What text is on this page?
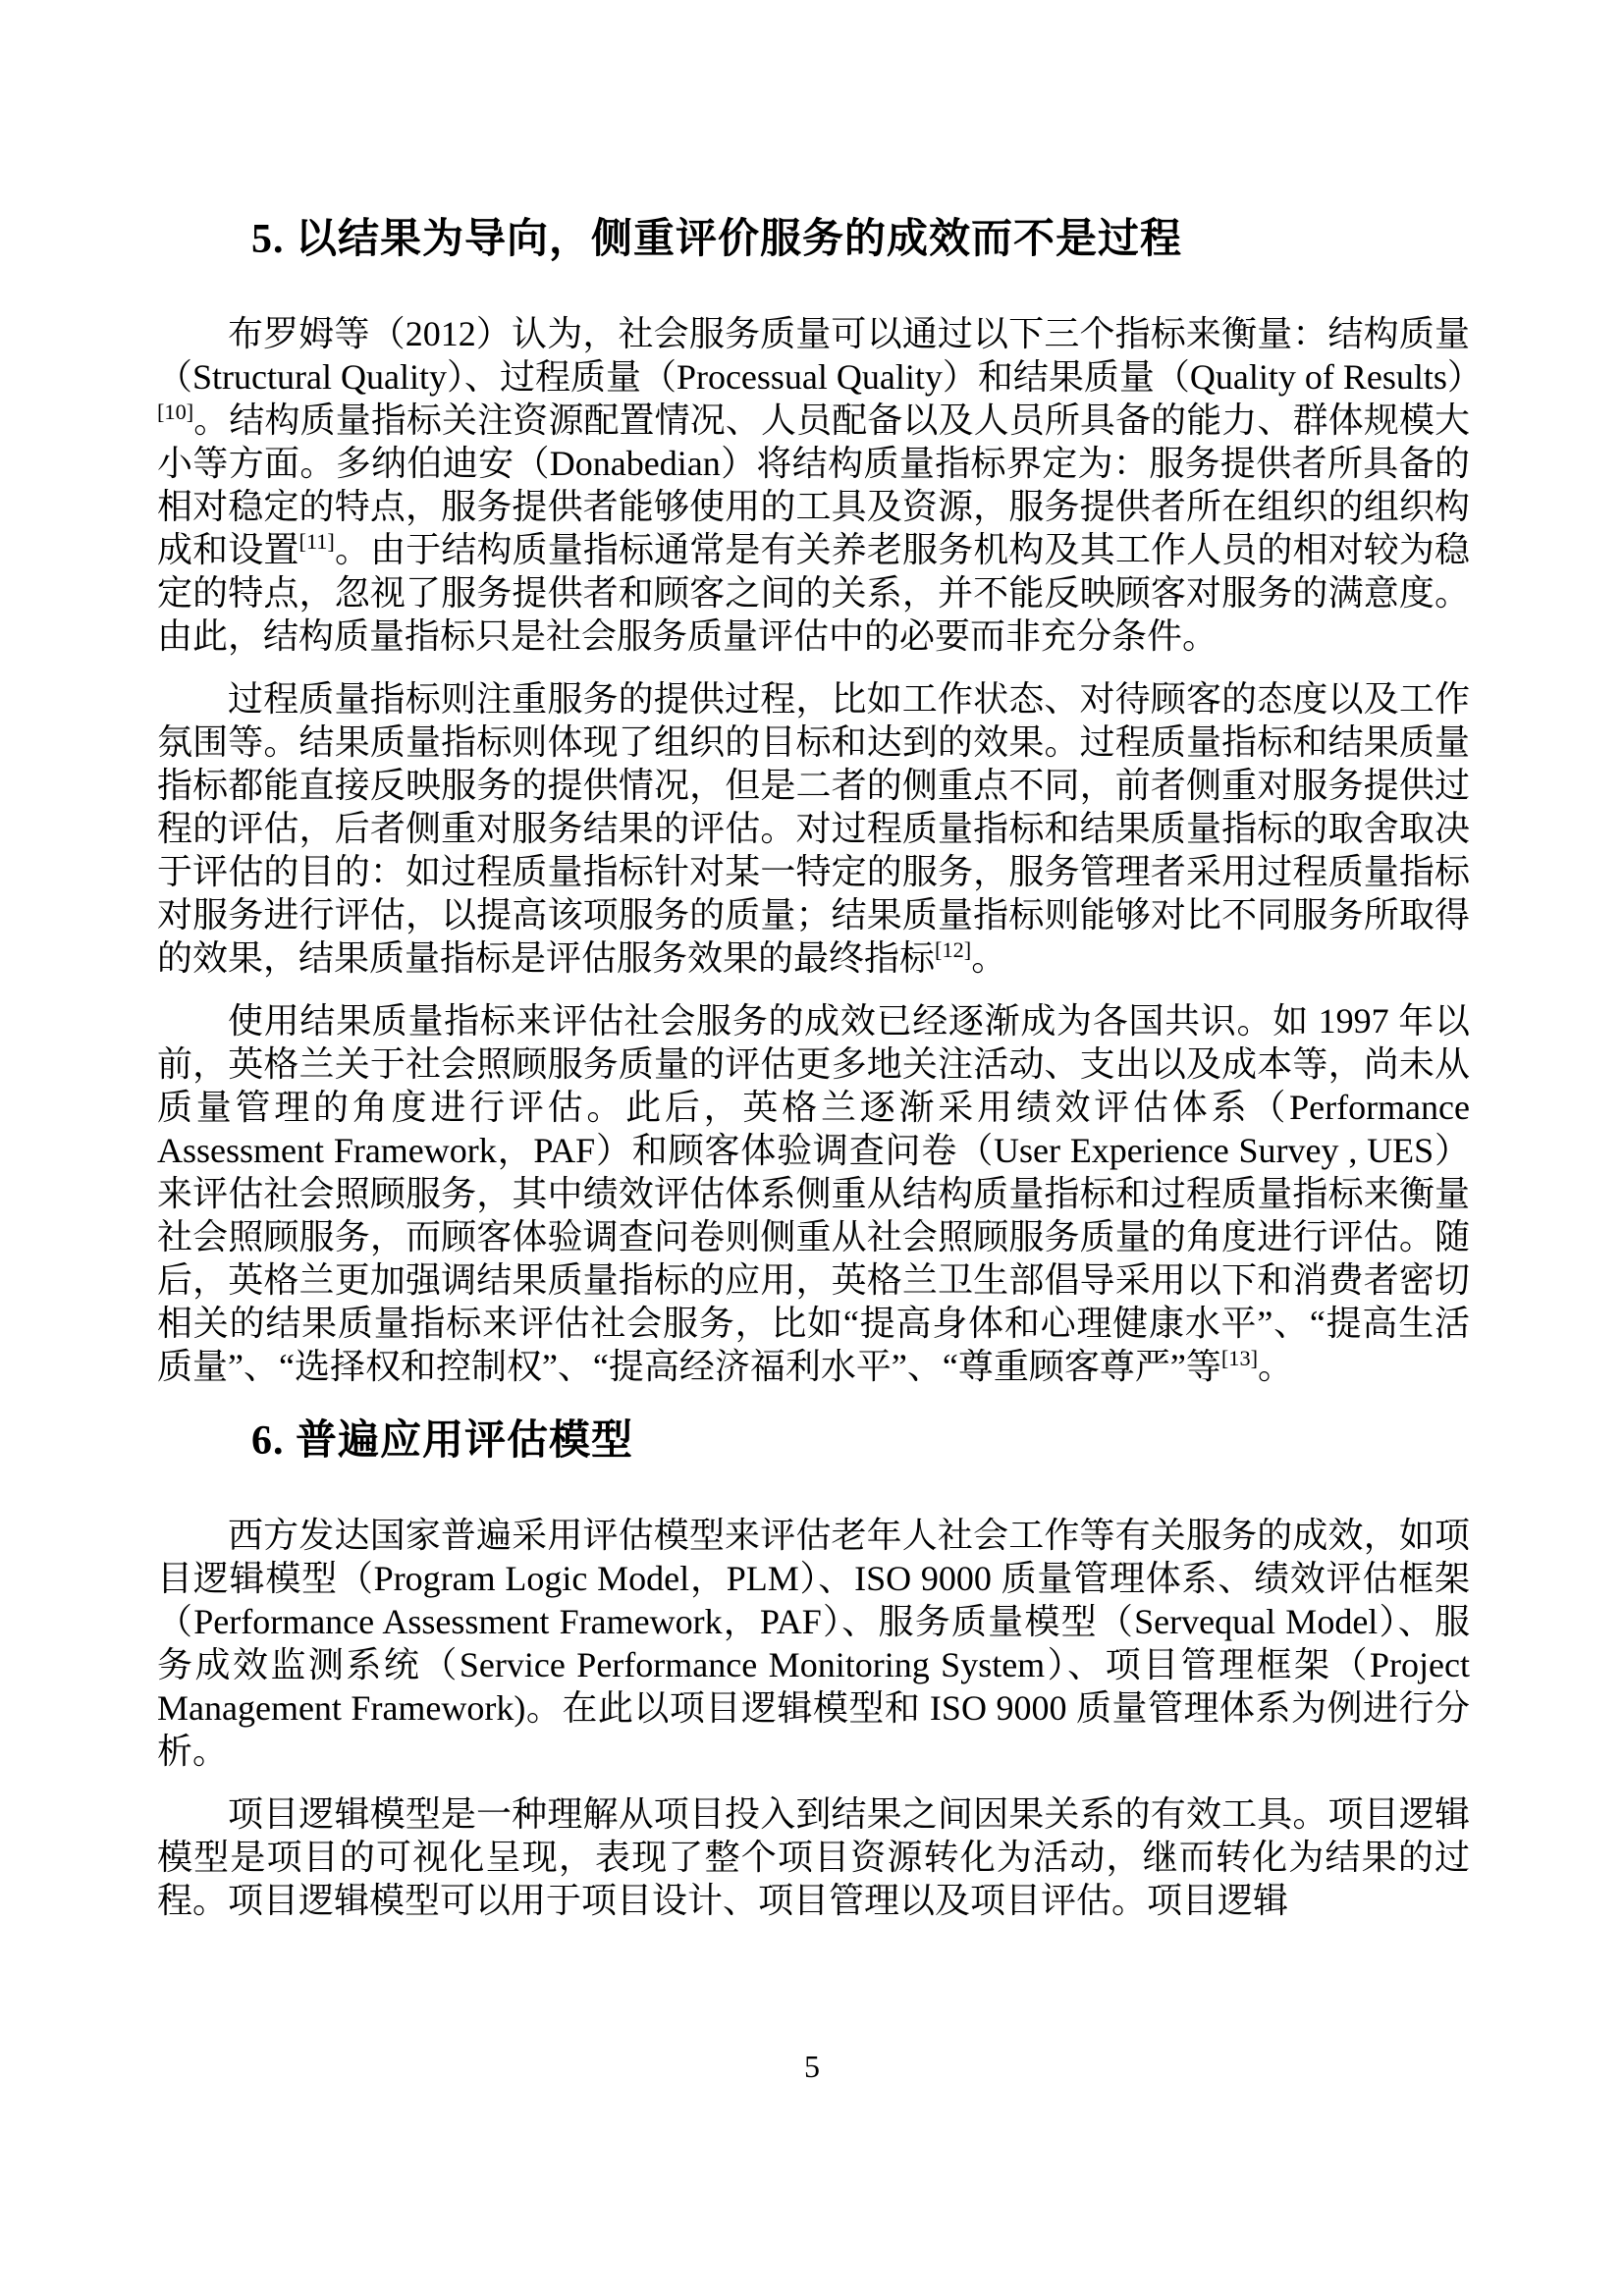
5. 以结果为导向，侧重评价服务的成效而不是过程

布罗姆等（2012）认为，社会服务质量可以通过以下三个指标来衡量：结构质量（Structural Quality）、过程质量（Processual Quality）和结果质量（Quality of Results）[10]。结构质量指标关注资源配置情况、人员配备以及人员所具备的能力、群体规模大小等方面。多纳伯迪安（Donabedian）将结构质量指标界定为：服务提供者所具备的相对稳定的特点，服务提供者能够使用的工具及资源，服务提供者所在组织的组织构成和设置[11]。由于结构质量指标通常是有关养老服务机构及其工作人员的相对较为稳定的特点，忽视了服务提供者和顾客之间的关系，并不能反映顾客对服务的满意度。由此，结构质量指标只是社会服务质量评估中的必要而非充分条件。

过程质量指标则注重服务的提供过程，比如工作状态、对待顾客的态度以及工作氛围等。结果质量指标则体现了组织的目标和达到的效果。过程质量指标和结果质量指标都能直接反映服务的提供情况，但是二者的侧重点不同，前者侧重对服务提供过程的评估，后者侧重对服务结果的评估。对过程质量指标和结果质量指标的取舍取决于评估的目的：如过程质量指标针对某一特定的服务，服务管理者采用过程质量指标对服务进行评估，以提高该项服务的质量；结果质量指标则能够对比不同服务所取得的效果，结果质量指标是评估服务效果的最终指标[12]。

使用结果质量指标来评估社会服务的成效已经逐渐成为各国共识。如 1997 年以前，英格兰关于社会照顾服务质量的评估更多地关注活动、支出以及成本等，尚未从质量管理的角度进行评估。此后，英格兰逐渐采用绩效评估体系（Performance Assessment Framework，PAF）和顾客体验调查问卷（User Experience Survey , UES）来评估社会照顾服务，其中绩效评估体系侧重从结构质量指标和过程质量指标来衡量社会照顾服务，而顾客体验调查问卷则侧重从社会照顾服务质量的角度进行评估。随后，英格兰更加强调结果质量指标的应用，英格兰卫生部倡导采用以下和消费者密切相关的结果质量指标来评估社会服务，比如“提高身体和心理健康水平”、“提高生活质量”、“选择权和控制权”、“提高经济福利水平”、“尊重顾客尊严”等[13]。

6. 普遍应用评估模型

西方发达国家普遍采用评估模型来评估老年人社会工作等有关服务的成效，如项目逻辑模型（Program Logic Model，PLM）、ISO 9000 质量管理体系、绩效评估框架（Performance Assessment Framework，PAF）、服务质量模型（Servequal Model）、服务成效监测系统（Service Performance Monitoring System）、项目管理框架（Project Management Framework)。在此以项目逻辑模型和 ISO 9000 质量管理体系为例进行分析。

项目逻辑模型是一种理解从项目投入到结果之间因果关系的有效工具。项目逻辑模型是项目的可视化呈现，表现了整个项目资源转化为活动，继而转化为结果的过程。项目逻辑模型可以用于项目设计、项目管理以及项目评估。项目逻辑

5
